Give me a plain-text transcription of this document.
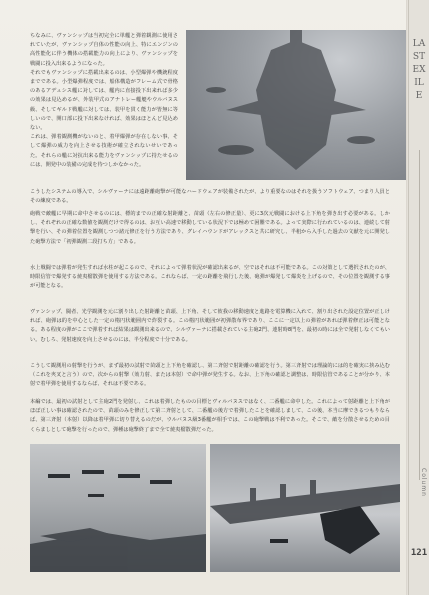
ちなみに、ヴァンシップは当初完全に単艦と弾着観測に使用されていたが、ヴァンシップ自体の性能の向上、特にエンジンの高性能化に伴う機体の搭載能力の向上により、ヴァンシップを戦闘に投入出来るようになった。

それでもヴァンシップに搭載出来るのは、小型爆弾や機銃程度までである。小型爆弾程度では、船体構造がフレーム式で骨格のあるアデュシス艦に対しては、艦内に直接投下出来れば多少の効果は見込めるが、外装甲式のアナトレー艦艇やウルバヌス級、そしてギルド戦艦に対しては、装甲を貫く能力が皆無に等しいので、開口部に投下出来なければ、効果はほとんど見込めない。

これは、弾着観測機がないのと、着甲爆弾が存在しない事、そして爆弾の威力を向上させる技術が確立されないせいであった。それらの艦に対抗出来る能力をヴァンシップに持たせるのには、開発中の装備の完成を待つしかなかった。

こうしたシステムの導入で、シルヴァーナには遠距離砲撃が可能なハードウェアが装備されたが、より重要なのはそれを扱うソフトウェア、つまり人員とその練度である。
砲戦で敵艦に早期に命中させるのには、標的までの正確な射距離と、苗頭（左右の修正量）、更に3次元戦闘における上下角を弾き出す必要がある。しかし、それぞれの正確な数値を観測だけで得るのは、お互い高速で移動している状況下では極めて困難である。よって実際に行われているのは、連続して射撃を行い、その弾着位置を観測しつつ諸元修正を行う方法であり、グレイハウンドがアレックスと共に研究し、半租から入手した過去の文献を元に開発した砲撃方法で「初弾観測二段打ち方」である。
水上戦闘では弾着が発生すれば水柱が起こるので、それによって弾着状況が確認出来るが、空ではそれは不可能である。この対策として選択されたのが、時限信管で爆発する焼夷榴散弾を使用する方法である。これならば、一定の距離を飛行した後、砲弾が爆発して爆炎を上げるので、その位置を観測する事が可能となる。
ヴァンシップ、闘者、光学観測を元に割り出した射距離と苗頭、上下角、そして彼我の移動速度と進路を電算機に入れて、割り出された設定位置が正しければ、砲弾は的を中心とした一定の楕円状範囲内で炸裂する。この楕円状範囲が初弾散布界であり、ここに一定以上の弾着があれば弾着修正は可能となる。ある程度の弾がここで弾着すれば結果は観測出来るので、シルヴァーナに搭載されている主砲2門、連射時8門を、最初の時には全で発射しなくてもいい。むしろ、発射速度を向上させるのには、半分程度で十分である。
こうして観測用の射撃を行うが、まず最初の試射で苗頭と上下角を確認し、第二斉射で射距離の確認を行う。第三斉射では理論的には的を確実に挟み込む（これを夾叉と言う）ので、次からの射撃（効力射、または本射）で命中弾が発生する。なお、上下角の確認と調整は、時限信管であることが分かり、本射で着甲弾を使用するならば、それは不要である。
本編では、最初の試射として主砲2門を発射し、これは着弾したものの目標とヴィルバヌスではなく、二番艦に命中した。これによって射距離と上下角がほぼ正しい事は確認されたので、苗頭のみを修正して第二斉射として、二番艦の後方で着弾したことを確認しまして、この後、本当に摩できるつもりならば、第三斉射（本射）以降は着甲弾に切り替えるのだが、ウルバヌス級3番艦が相手では、この砲撃戦は不利であった。そこで、敵を分散させるための目くらましとして砲撃を行ったので、弾種は砲撃終了まで全て焼夷榴散弾だった。
LASTEXILE
Column
121
